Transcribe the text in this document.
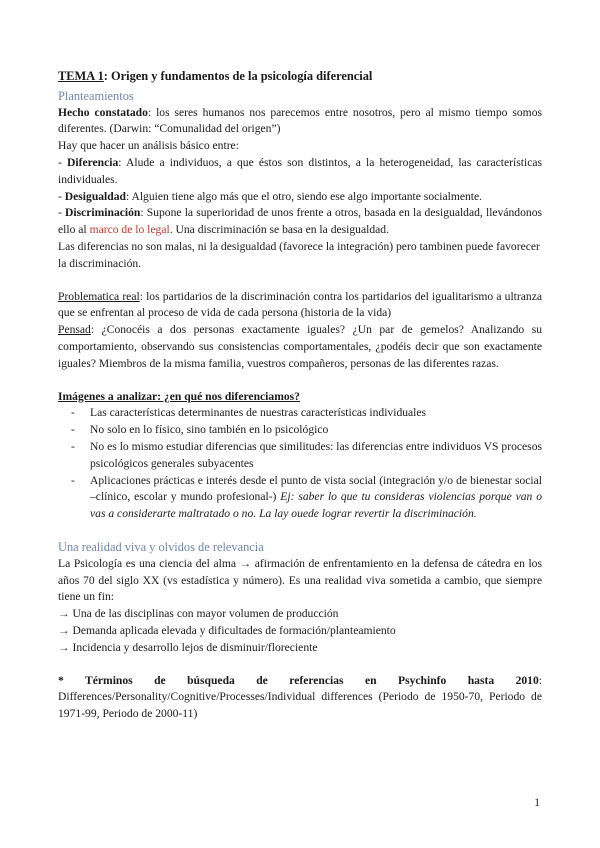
TEMA 1: Origen y fundamentos de la psicología diferencial

Planteamientos

Hecho constatado: los seres humanos nos parecemos entre nosotros, pero al mismo tiempo somos diferentes. (Darwin: “Comunalidad del origen”)

Hay que hacer un análisis básico entre:

- Diferencia: Alude a individuos, a que éstos son distintos, a la heterogeneidad, las características individuales.

- Desigualdad: Alguien tiene algo más que el otro, siendo ese algo importante socialmente.

- Discriminación: Supone la superioridad de unos frente a otros, basada en la desigualdad, llevándonos ello al marco de lo legal. Una discriminación se basa en la desigualdad.

Las diferencias no son malas, ni la desigualdad (favorece la integración) pero tambinen puede favorecer la discriminación.

Problematica real: los partidarios de la discriminación contra los partidarios del igualitarismo a ultranza que se enfrentan al proceso de vida de cada persona (historia de la vida)

Pensad: ¿Conocéis a dos personas exactamente iguales? ¿Un par de gemelos? Analizando su comportamiento, observando sus consistencias comportamentales, ¿podéis decir que son exactamente iguales? Miembros de la misma familia, vuestros compañeros, personas de las diferentes razas.

Imágenes a analizar: ¿en qué nos diferenciamos?

- Las características determinantes de nuestras características individuales
- No solo en lo físico, sino también en lo psicológico
- No es lo mismo estudiar diferencias que similitudes: las diferencias entre individuos VS procesos psicológicos generales subyacentes
- Aplicaciones prácticas e interés desde el punto de vista social (integración y/o de bienestar social –clínico, escolar y mundo profesional-) Ej: saber lo que tu consideras violencias porque van o vas a considerarte maltratado o no. La lay ouede lograr revertir la discriminación.

Una realidad viva y olvidos de relevancia

La Psicología es una ciencia del alma → afirmación de enfrentamiento en la defensa de cátedra en los años 70 del siglo XX (vs estadística y número). Es una realidad viva sometida a cambio, que siempre tiene un fin:

→ Una de las disciplinas con mayor volumen de producción

→ Demanda aplicada elevada y dificultades de formación/planteamiento

→ Incidencia y desarrollo lejos de disminuir/floreciente

* Términos de búsqueda de referencias en Psychinfo hasta 2010: Differences/Personality/Cognitive/Processes/Individual differences (Periodo de 1950-70, Periodo de 1971-99, Periodo de 2000-11)

1
